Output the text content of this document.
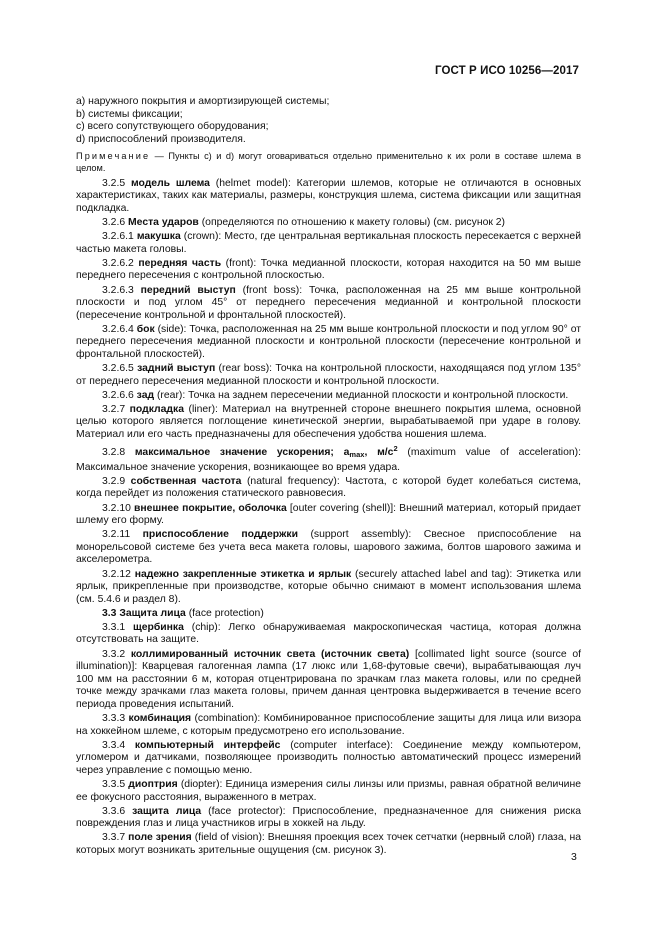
ГОСТ Р ИСО 10256—2017

a) наружного покрытия и амортизирующей системы;

b) системы фиксации;

c) всего сопутствующего оборудования;

d) приспособлений производителя.

Примечание — Пункты c) и d) могут оговариваться отдельно применительно к их роли в составе шлема в целом.

3.2.5 модель шлема (helmet model): Категории шлемов, которые не отличаются в основных характеристиках, таких как материалы, размеры, конструкция шлема, система фиксации или защитная подкладка.

3.2.6 Места ударов (определяются по отношению к макету головы) (см. рисунок 2)

3.2.6.1 макушка (crown): Место, где центральная вертикальная плоскость пересекается с верхней частью макета головы.

3.2.6.2 передняя часть (front): Точка медианной плоскости, которая находится на 50 мм выше переднего пересечения с контрольной плоскостью.

3.2.6.3 передний выступ (front boss): Точка, расположенная на 25 мм выше контрольной плоскости и под углом 45° от переднего пересечения медианной и контрольной плоскости (пересечение контрольной и фронтальной плоскостей).

3.2.6.4 бок (side): Точка, расположенная на 25 мм выше контрольной плоскости и под углом 90° от переднего пересечения медианной плоскости и контрольной плоскости (пересечение контрольной и фронтальной плоскостей).

3.2.6.5 задний выступ (rear boss): Точка на контрольной плоскости, находящаяся под углом 135° от переднего пересечения медианной плоскости и контрольной плоскости.

3.2.6.6 зад (rear): Точка на заднем пересечении медианной плоскости и контрольной плоскости.

3.2.7 подкладка (liner): Материал на внутренней стороне внешнего покрытия шлема, основной целью которого является поглощение кинетической энергии, вырабатываемой при ударе в голову. Материал или его часть предназначены для обеспечения удобства ношения шлема.

3.2.8 максимальное значение ускорения; $a_{max}$, $м/с^2$ (maximum value of acceleration): Максимальное значение ускорения, возникающее во время удара.

3.2.9 собственная частота (natural frequency): Частота, с которой будет колебаться система, когда перейдет из положения статического равновесия.

3.2.10 внешнее покрытие, оболочка [outer covering (shell)]: Внешний материал, который придает шлему его форму.

3.2.11 приспособление поддержки (support assembly): Свесное приспособление на монорельсовой системе без учета веса макета головы, шарового зажима, болтов шарового зажима и акселерометра.

3.2.12 надежно закрепленные этикетка и ярлык (securely attached label and tag): Этикетка или ярлык, прикрепленные при производстве, которые обычно снимают в момент использования шлема (см. 5.4.6 и раздел 8).

3.3 Защита лица (face protection)

3.3.1 щербинка (chip): Легко обнаруживаемая макроскопическая частица, которая должна отсутствовать на защите.

3.3.2 коллимированный источник света (источник света) [collimated light source (source of illumination)]: Кварцевая галогенная лампа (17 люкс или 1,68-футовые свечи), вырабатывающая луч 100 мм на расстоянии 6 м, которая отцентрирована по зрачкам глаз макета головы, или по средней точке между зрачками глаз макета головы, причем данная центровка выдерживается в течение всего периода проведения испытаний.

3.3.3 комбинация (combination): Комбинированное приспособление защиты для лица или визора на хоккейном шлеме, с которым предусмотрено его использование.

3.3.4 компьютерный интерфейс (computer interface): Соединение между компьютером, угломером и датчиками, позволяющее производить полностью автоматический процесс измерений через управление с помощью меню.

3.3.5 диоптрия (diopter): Единица измерения силы линзы или призмы, равная обратной величине ее фокусного расстояния, выраженного в метрах.

3.3.6 защита лица (face protector): Приспособление, предназначенное для снижения риска повреждения глаз и лица участников игры в хоккей на льду.

3.3.7 поле зрения (field of vision): Внешняя проекция всех точек сетчатки (нервный слой) глаза, на которых могут возникать зрительные ощущения (см. рисунок 3).

3
